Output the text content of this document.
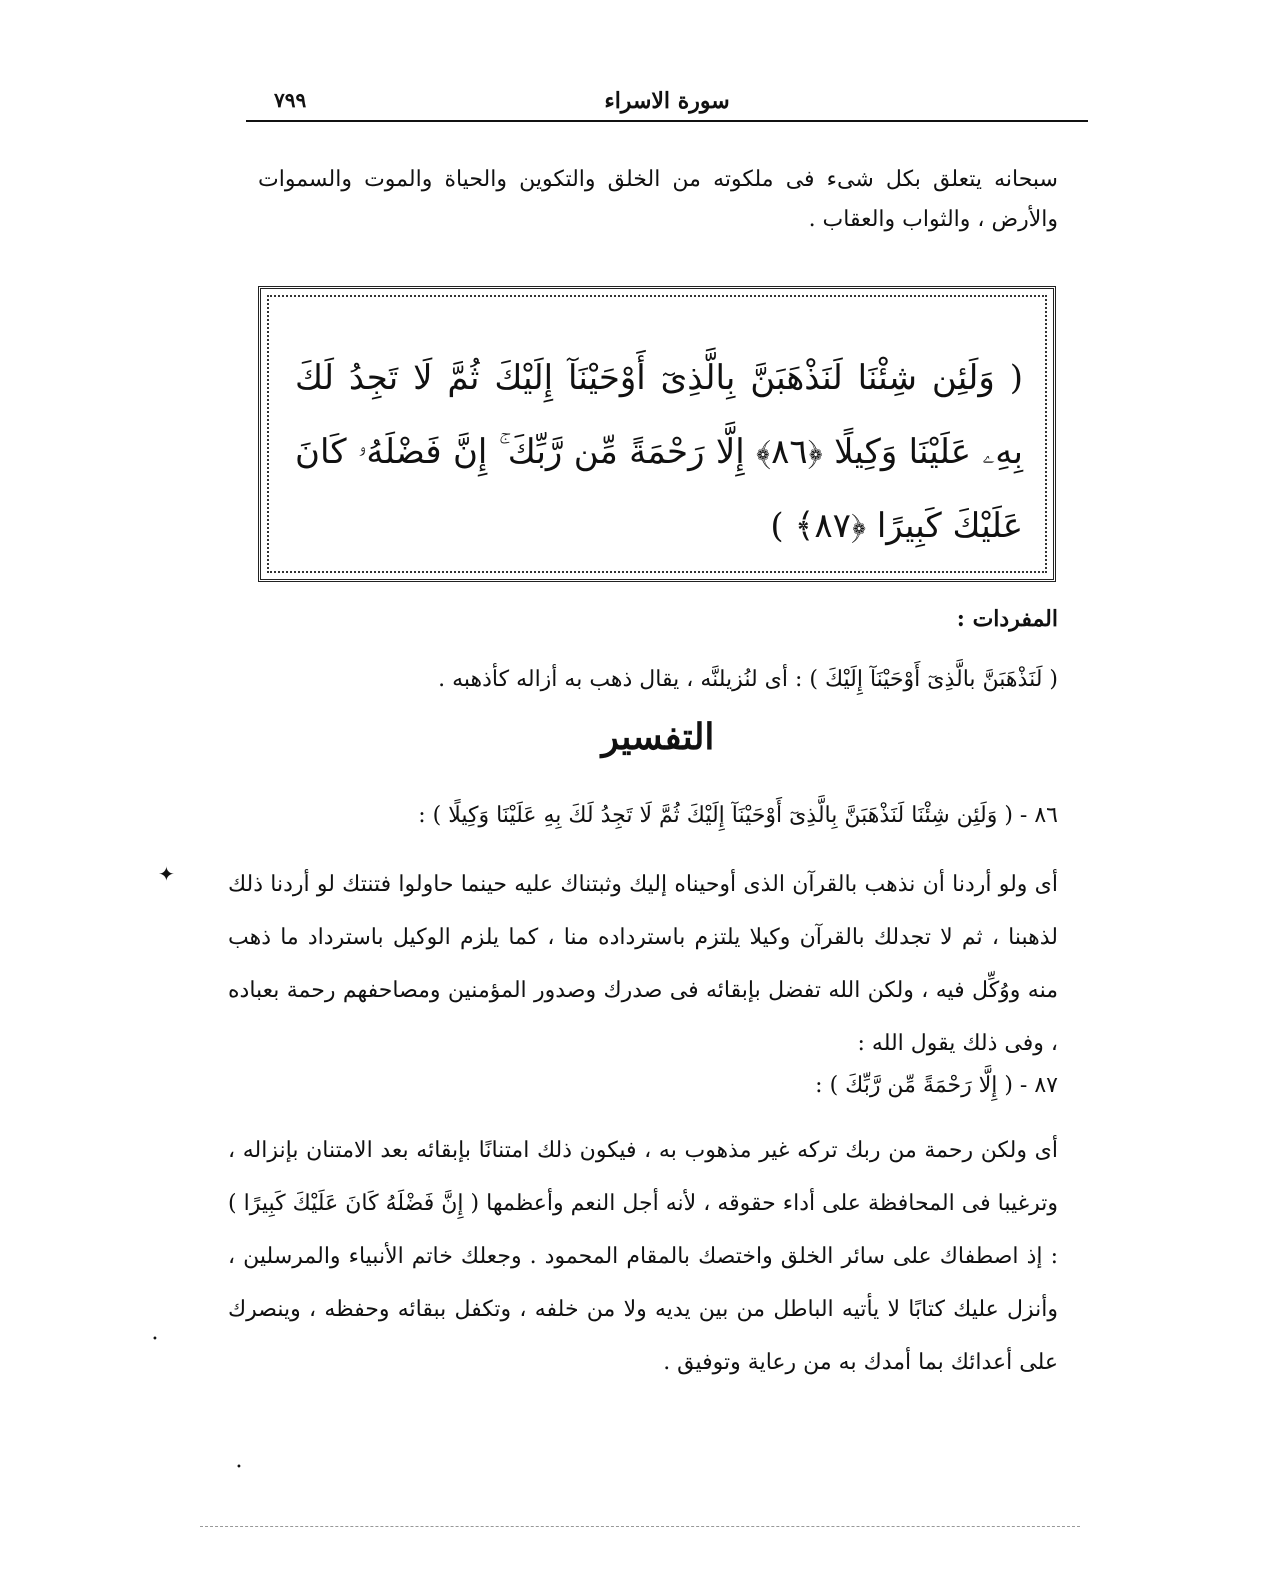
٧٩٩	سورة الاسراء

سبحانه يتعلق بكل شىء فى ملكوته من الخلق والتكوين والحياة والموت والسموات والأرض ، والثواب والعقاب .

( وَلَئِن شِئْنَا لَنَذْهَبَنَّ بِالَّذِىٓ أَوْحَيْنَآ إِلَيْكَ ثُمَّ لَا تَجِدُ لَكَ بِهِۦ عَلَيْنَا وَكِيلًا ﴿٨٦﴾ إِلَّا رَحْمَةً مِّن رَّبِّكَ ۚ إِنَّ فَضْلَهُۥ كَانَ عَلَيْكَ كَبِيرًا ﴿٨٧﴾ )

المفردات :

( لَنَذْهَبَنَّ بالَّذِىٓ أَوْحَيْنَآ إِلَيْكَ ) : أى لنُزيلنَّه ، يقال ذهب به أزاله كأذهبه .

التفسير

٨٦ - ( وَلَئِن شِئْنَا لَنَذْهَبَنَّ بِالَّذِىٓ أَوْحَيْنَآ إِلَيْكَ ثُمَّ لَا تَجِدُ لَكَ بِهِ عَلَيْنَا وَكِيلًا ) :

أى ولو أردنا أن نذهب بالقرآن الذى أوحيناه إليك وثبتناك عليه حينما حاولوا فتنتك لو أردنا ذلك لذهبنا ، ثم لا تجدلك بالقرآن وكيلا يلتزم باسترداده منا ، كما يلزم الوكيل باسترداد ما ذهب منه ووُكِّل فيه ، ولكن الله تفضل بإبقائه فى صدرك وصدور المؤمنين ومصاحفهم رحمة بعباده ، وفى ذلك يقول الله :

٨٧ - ( إِلَّا رَحْمَةً مِّن رَّبِّكَ ) :

أى ولكن رحمة من ربك تركه غير مذهوب به ، فيكون ذلك امتنانًا بإبقائه بعد الامتنان بإنزاله ، وترغيبا فى المحافظة على أداء حقوقه ، لأنه أجل النعم وأعظمها ( إِنَّ فَضْلَهُ كَانَ عَلَيْكَ كَبِيرًا ) : إذ اصطفاك على سائر الخلق واختصك بالمقام المحمود . وجعلك خاتم الأنبياء والمرسلين ، وأنزل عليك كتابًا لا يأتيه الباطل من بين يديه ولا من خلفه ، وتكفل ببقائه وحفظه ، وينصرك على أعدائك بما أمدك به من رعاية وتوفيق .

✦
•
•
